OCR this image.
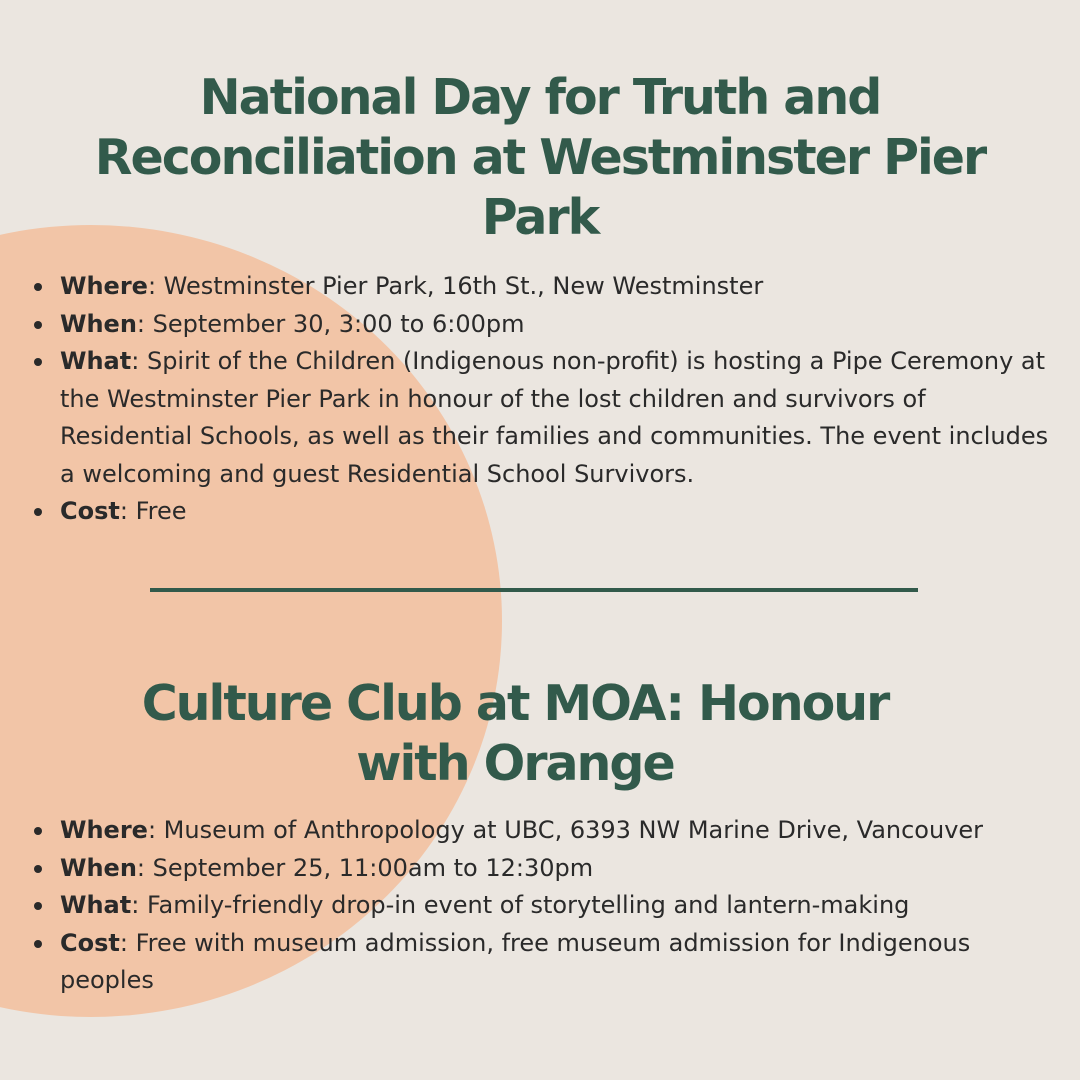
National Day for Truth and Reconciliation at Westminster Pier Park
Where: Westminster Pier Park, 16th St., New Westminster
When: September 30, 3:00 to 6:00pm
What: Spirit of the Children (Indigenous non-profit) is hosting a Pipe Ceremony at the Westminster Pier Park in honour of the lost children and survivors of Residential Schools, as well as their families and communities. The event includes a welcoming and guest Residential School Survivors.
Cost: Free
Culture Club at MOA: Honour with Orange
Where: Museum of Anthropology at UBC, 6393 NW Marine Drive, Vancouver
When: September 25, 11:00am to 12:30pm
What: Family-friendly drop-in event of storytelling and lantern-making
Cost: Free with museum admission, free museum admission for Indigenous peoples
